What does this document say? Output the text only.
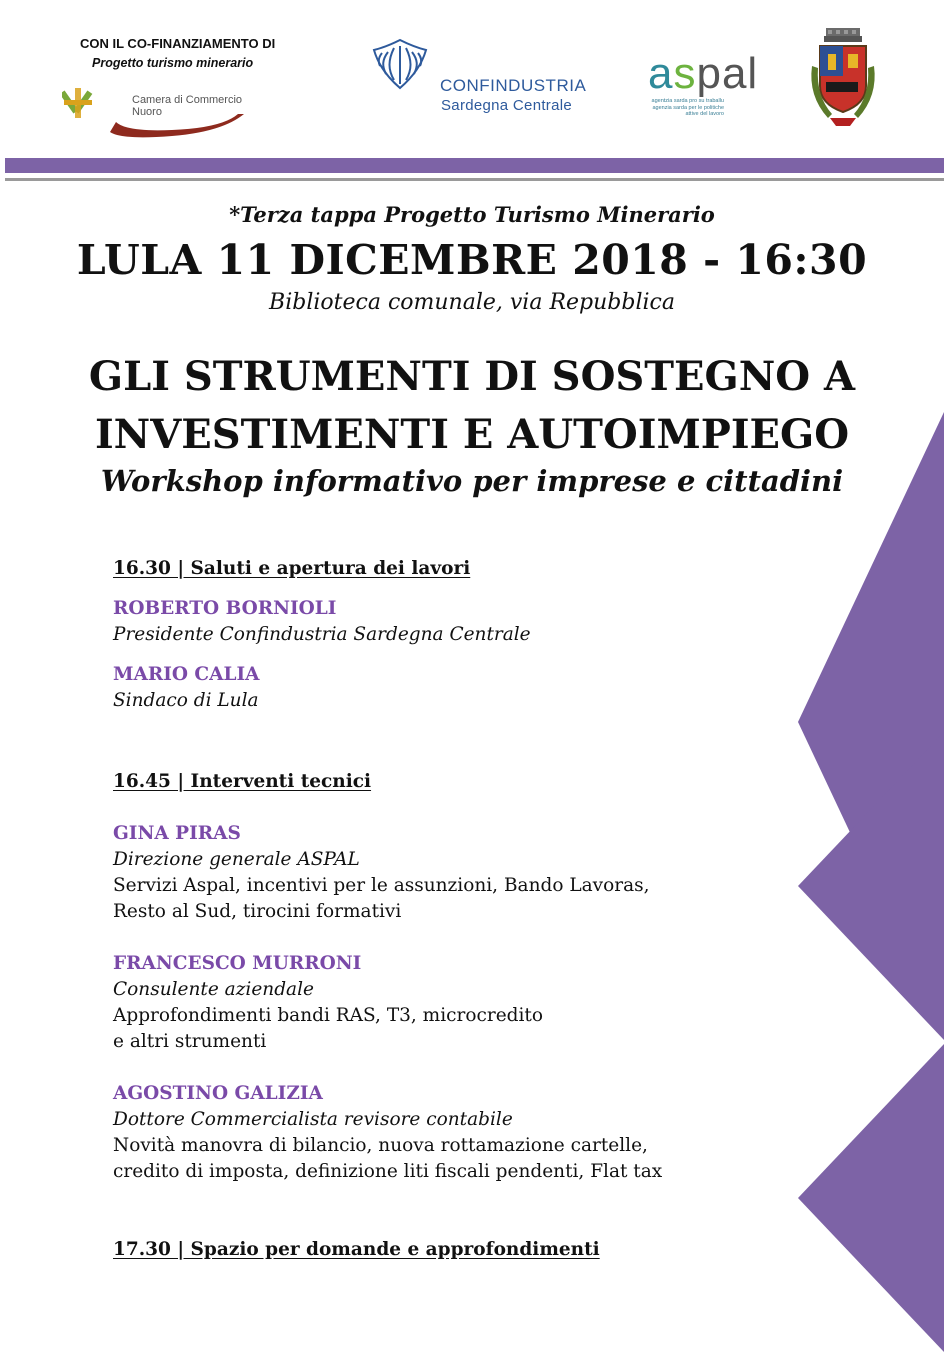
CON IL CO-FINANZIAMENTO DI
Progetto turismo minerario
Camera di Commercio
Nuoro
CONFINDUSTRIA
Sardegna Centrale
aspal
agentzia sarda pro su traballu
agenzia sarda per le politiche
attive del lavoro
*Terza tappa Progetto Turismo Minerario
LULA 11 DICEMBRE 2018 - 16:30
Biblioteca comunale, via Repubblica
GLI STRUMENTI DI SOSTEGNO A
INVESTIMENTI E AUTOIMPIEGO
Workshop informativo per imprese e cittadini
16.30 | Saluti e apertura dei lavori
ROBERTO BORNIOLI
Presidente Confindustria Sardegna Centrale
MARIO CALIA
Sindaco di Lula
16.45 | Interventi tecnici
GINA PIRAS
Direzione generale ASPAL
Servizi Aspal, incentivi per le assunzioni, Bando Lavoras,
Resto al Sud, tirocini formativi
FRANCESCO MURRONI
Consulente aziendale
Approfondimenti bandi RAS, T3, microcredito
e altri strumenti
AGOSTINO GALIZIA
Dottore Commercialista revisore contabile
Novità manovra di bilancio, nuova rottamazione cartelle,
credito di imposta, definizione liti fiscali pendenti, Flat tax
17.30 | Spazio per domande e approfondimenti
